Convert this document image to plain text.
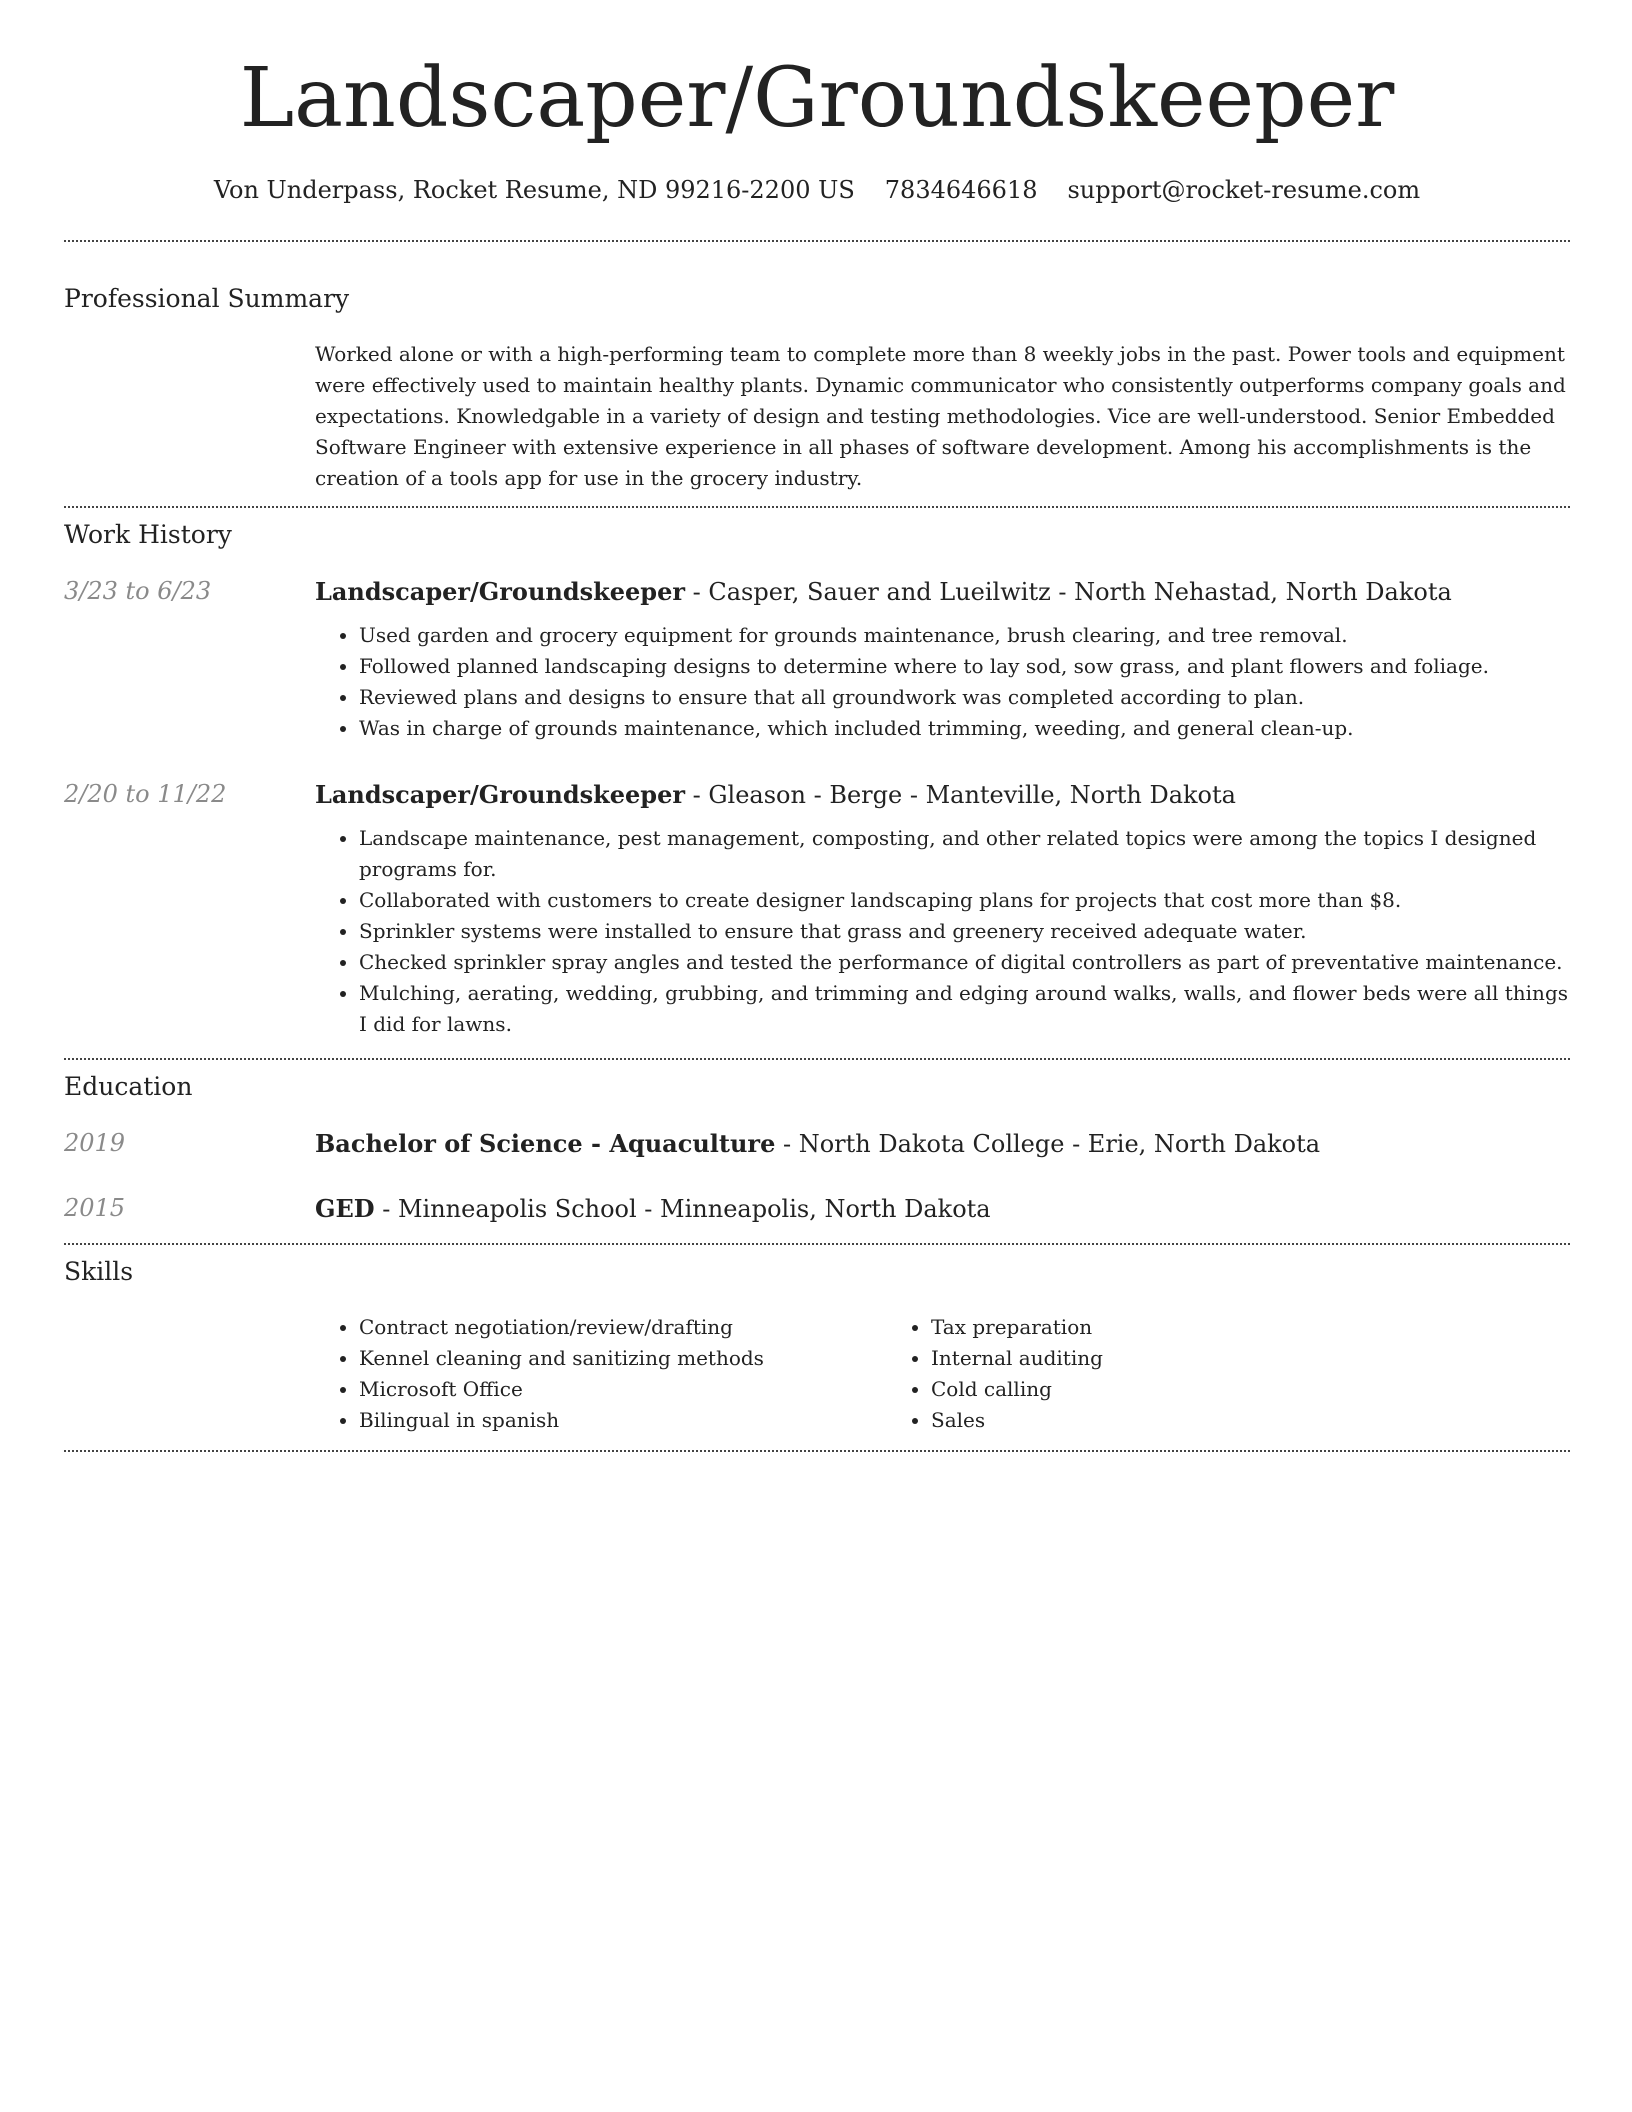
Landscaper/Groundskeeper
Von Underpass, Rocket Resume, ND 99216-2200 US 7834646618 support@rocket-resume.com
Professional Summary

Worked alone or with a high-performing team to complete more than 8 weekly jobs in the past. Power tools and equipment were effectively used to maintain healthy plants. Dynamic communicator who consistently outperforms company goals and expectations. Knowledgable in a variety of design and testing methodologies. Vice are well-understood. Senior Embedded Software Engineer with extensive experience in all phases of software development. Among his accomplishments is the creation of a tools app for use in the grocery industry.

Work History
3/23 to 6/23	Landscaper/Groundskeeper - Casper, Sauer and Lueilwitz - North Nehastad, North Dakota

• Used garden and grocery equipment for grounds maintenance, brush clearing, and tree removal.
• Followed planned landscaping designs to determine where to lay sod, sow grass, and plant flowers and foliage.
• Reviewed plans and designs to ensure that all groundwork was completed according to plan.
• Was in charge of grounds maintenance, which included trimming, weeding, and general clean-up.
2/20 to 11/22	Landscaper/Groundskeeper - Gleason - Berge - Manteville, North Dakota

• Landscape maintenance, pest management, composting, and other related topics were among the topics I designed programs for.
• Collaborated with customers to create designer landscaping plans for projects that cost more than $8.
• Sprinkler systems were installed to ensure that grass and greenery received adequate water.
• Checked sprinkler spray angles and tested the performance of digital controllers as part of preventative maintenance.
• Mulching, aerating, wedding, grubbing, and trimming and edging around walks, walls, and flower beds were all things I did for lawns.
Education
2019	Bachelor of Science - Aquaculture - North Dakota College - Erie, North Dakota

2015	GED - Minneapolis School - Minneapolis, North Dakota

Skills
• Contract negotiation/review/drafting
• Kennel cleaning and sanitizing methods
• Microsoft Office
• Bilingual in spanish
• Tax preparation
• Internal auditing
• Cold calling
• Sales
